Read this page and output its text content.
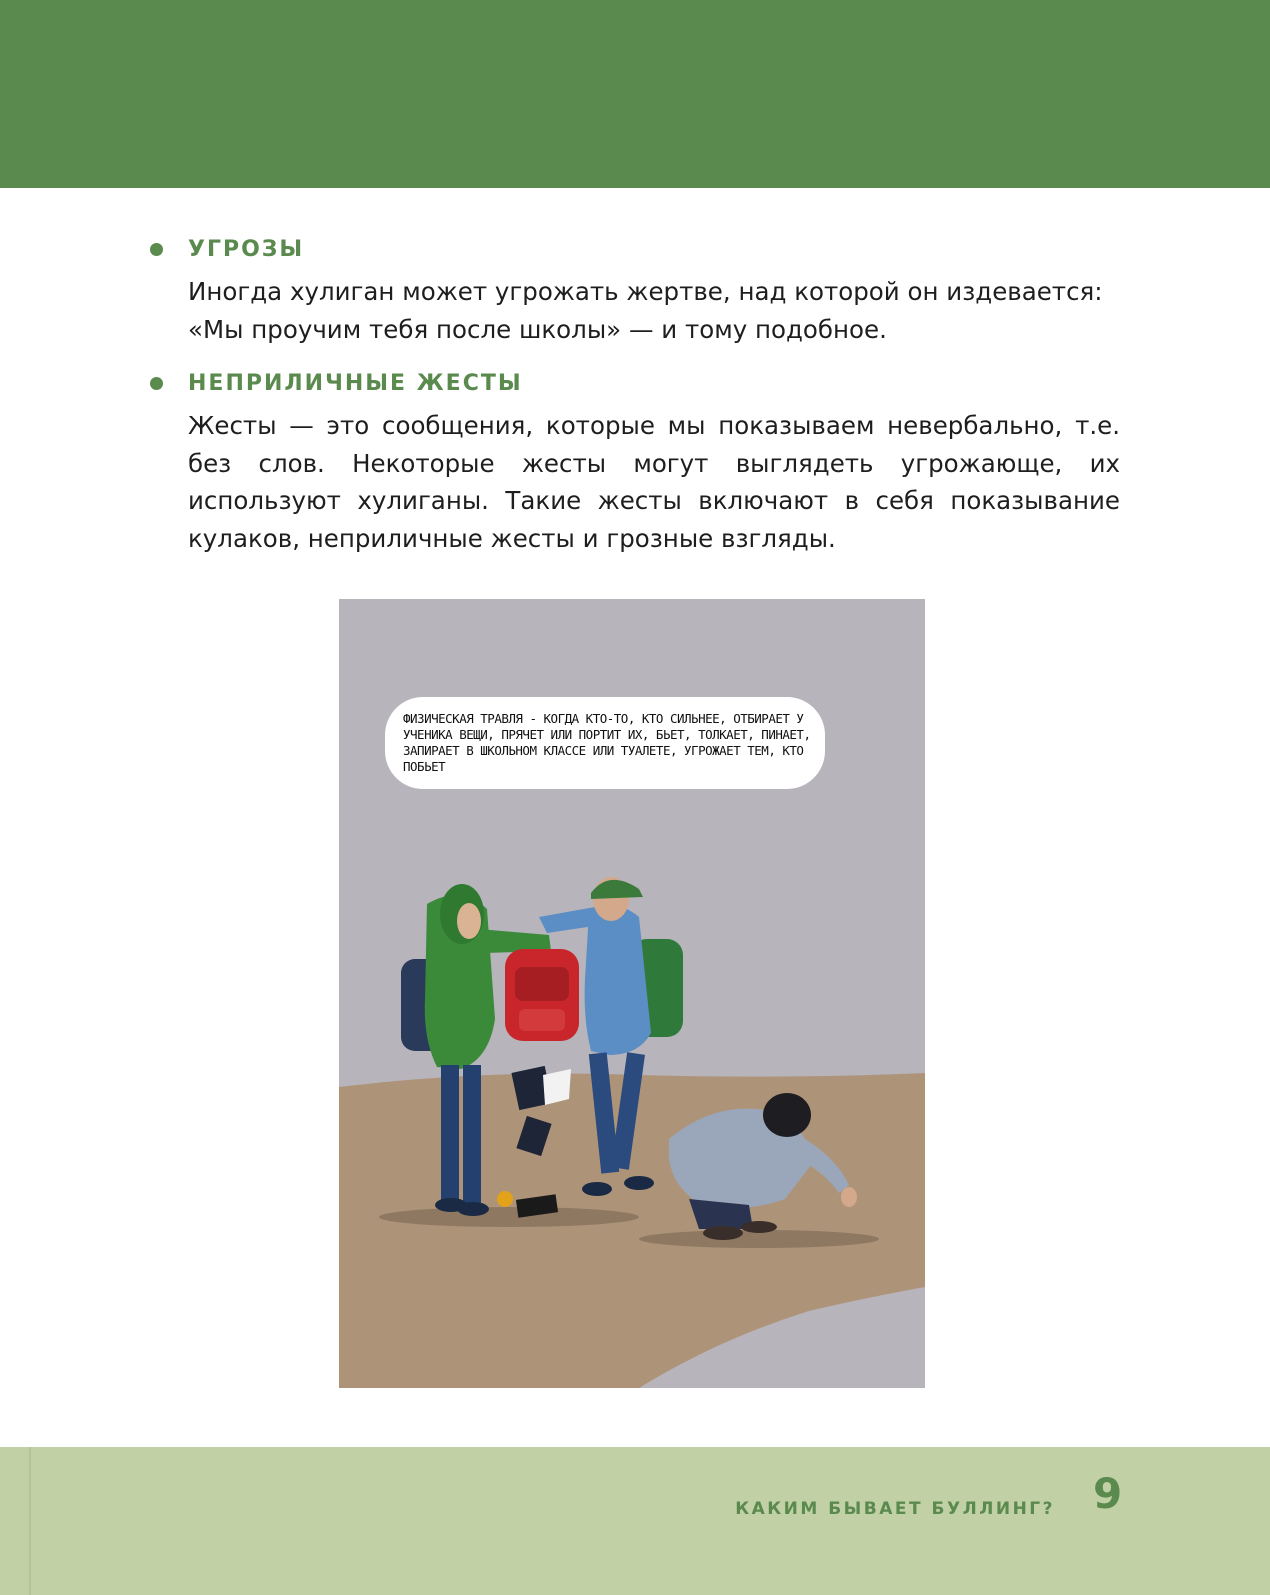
УГРОЗЫ

Иногда хулиган может угрожать жертве, над которой он издевается:
«Мы проучим тебя после школы» — и тому подобное.

НЕПРИЛИЧНЫЕ ЖЕСТЫ

Жесты — это сообщения, которые мы показываем невербально, т.е. без слов. Некоторые жесты могут выглядеть угрожающе, их используют хулиганы. Такие жесты включают в себя показывание кулаков, неприличные жесты и грозные взгляды.

ФИЗИЧЕСКАЯ ТРАВЛЯ - КОГДА КТО-ТО, КТО СИЛЬНЕЕ, ОТБИРАЕТ У УЧЕНИКА ВЕЩИ, ПРЯЧЕТ ИЛИ ПОРТИТ ИХ, БЬЕТ, ТОЛКАЕТ, ПИНАЕТ, ЗАПИРАЕТ В ШКОЛЬНОМ КЛАССЕ ИЛИ ТУАЛЕТЕ, УГРОЖАЕТ ТЕМ, КТО ПОБЬЕТ

КАКИМ БЫВАЕТ БУЛЛИНГ? 9
